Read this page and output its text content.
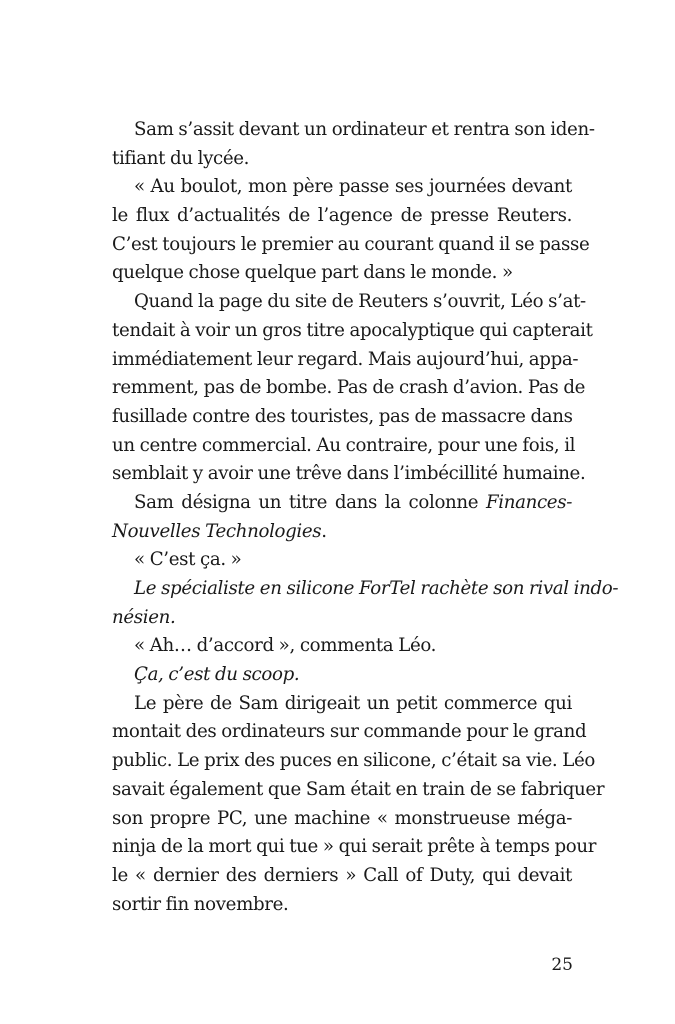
Sam s’assit devant un ordinateur et rentra son iden-
tifiant du lycée.
« Au boulot, mon père passe ses journées devant
le flux d’actualités de l’agence de presse Reuters.
C’est toujours le premier au courant quand il se passe
quelque chose quelque part dans le monde. »
Quand la page du site de Reuters s’ouvrit, Léo s’at-
tendait à voir un gros titre apocalyptique qui capterait
immédiatement leur regard. Mais aujourd’hui, appa-
remment, pas de bombe. Pas de crash d’avion. Pas de
fusillade contre des touristes, pas de massacre dans
un centre commercial. Au contraire, pour une fois, il
semblait y avoir une trêve dans l’imbécillité humaine.
Sam désigna un titre dans la colonne Finances-
Nouvelles Technologies.
« C’est ça. »
Le spécialiste en silicone ForTel rachète son rival indo-
nésien.
« Ah… d’accord », commenta Léo.
Ça, c’est du scoop.
Le père de Sam dirigeait un petit commerce qui
montait des ordinateurs sur commande pour le grand
public. Le prix des puces en silicone, c’était sa vie. Léo
savait également que Sam était en train de se fabriquer
son propre PC, une machine « monstrueuse méga-
ninja de la mort qui tue » qui serait prête à temps pour
le « dernier des derniers » Call of Duty, qui devait
sortir fin novembre.
25
